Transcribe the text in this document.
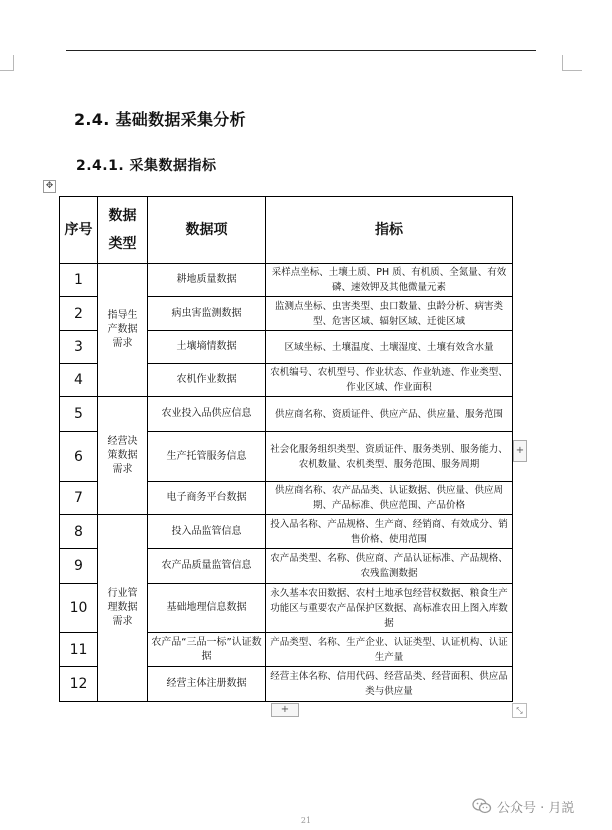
2.4. 基础数据采集分析
2.4.1. 采集数据指标
✥
序号	数据类型	数据项	指标
1	指导生产数据需求	耕地质量数据	采样点坐标、土壤土质、PH 质、有机质、全氮量、有效磷、速效钾及其他微量元素
2		病虫害监测数据	监测点坐标、虫害类型、虫口数量、虫龄分析、病害类型、危害区域、辐射区域、迁徙区域
3		土壤墒情数据	区域坐标、土壤温度、土壤湿度、土壤有效含水量
4		农机作业数据	农机编号、农机型号、作业状态、作业轨迹、作业类型、作业区域、作业面积
5	经营决策数据需求	农业投入品供应信息	供应商名称、资质证件、供应产品、供应量、服务范围
6		生产托管服务信息	社会化服务组织类型、资质证件、服务类别、服务能力、农机数量、农机类型、服务范围、服务周期
7		电子商务平台数据	供应商名称、农产品品类、认证数据、供应量、供应周期、产品标准、供应范围、产品价格
8	行业管理数据需求	投入品监管信息	投入品名称、产品规格、生产商、经销商、有效成分、销售价格、使用范围
9		农产品质量监管信息	农产品类型、名称、供应商、产品认证标准、产品规格、农残监测数据
10		基础地理信息数据	永久基本农田数据、农村土地承包经营权数据、粮食生产功能区与重要农产品保护区数据、高标准农田上图入库数据
11		农产品“三品一标”认证数据	产品类型、名称、生产企业、认证类型、认证机构、认证生产量
12		经营主体注册数据	经营主体名称、信用代码、经营品类、经营面积、供应品类与供应量
+
+	⤡
公众号 · 月説
21
